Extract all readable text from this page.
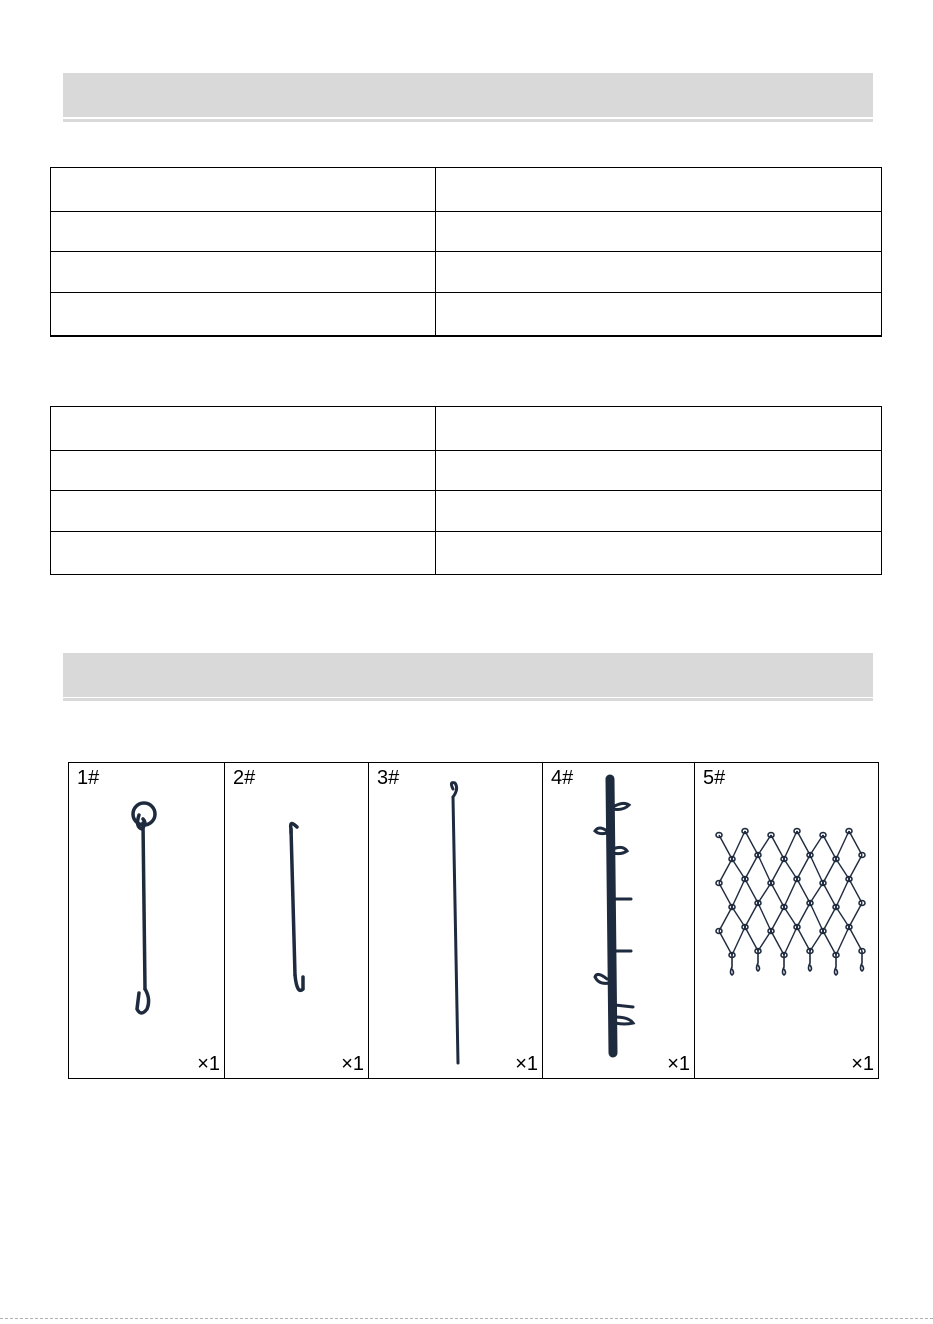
1#
×1
2#
×1
3#
×1
4#
×1
5#
×1
